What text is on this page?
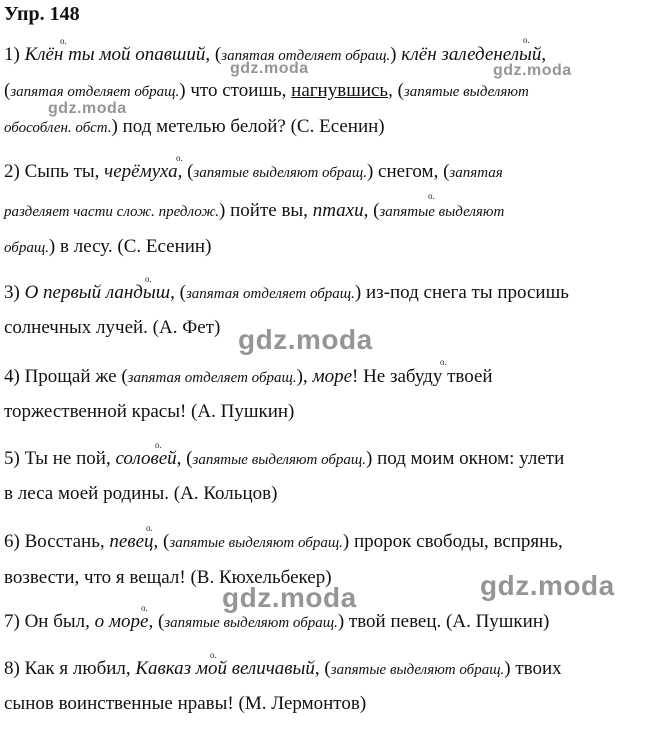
Упр. 148
1) Клён ты мой опавший, (запятая отделяет обращ.) клён заледенелый,
(запятая отделяет обращ.) что стоишь, нагнувшись, (запятые выделяют
обособлен. обст.) под метелью белой? (С. Есенин)
2) Сыпь ты, черёмуха, (запятые выделяют обращ.) снегом, (запятая
разделяет части слож. предлож.) пойте вы, птахи, (запятые выделяют
обращ.) в лесу. (С. Есенин)
3) О первый ландыш, (запятая отделяет обращ.) из-под снега ты просишь
солнечных лучей. (А. Фет)
4) Прощай же (запятая отделяет обращ.), море! Не забуду твоей
торжественной красы! (А. Пушкин)
5) Ты не пой, соловей, (запятые выделяют обращ.) под моим окном: улети
в леса моей родины. (А. Кольцов)
6) Восстань, певец, (запятые выделяют обращ.) пророк свободы, вспрянь,
возвести, что я вещал! (В. Кюхельбекер)
7) Он был, о море, (запятые выделяют обращ.) твой певец. (А. Пушкин)
8) Как я любил, Кавказ мой величавый, (запятые выделяют обращ.) твоих
сынов воинственные нравы! (М. Лермонтов)
о.	о.
о.
о.
о.
о.
о.
о.
о.
о.
gdz.moda	gdz.moda
gdz.moda
gdz.moda
gdz.moda
gdz.moda
